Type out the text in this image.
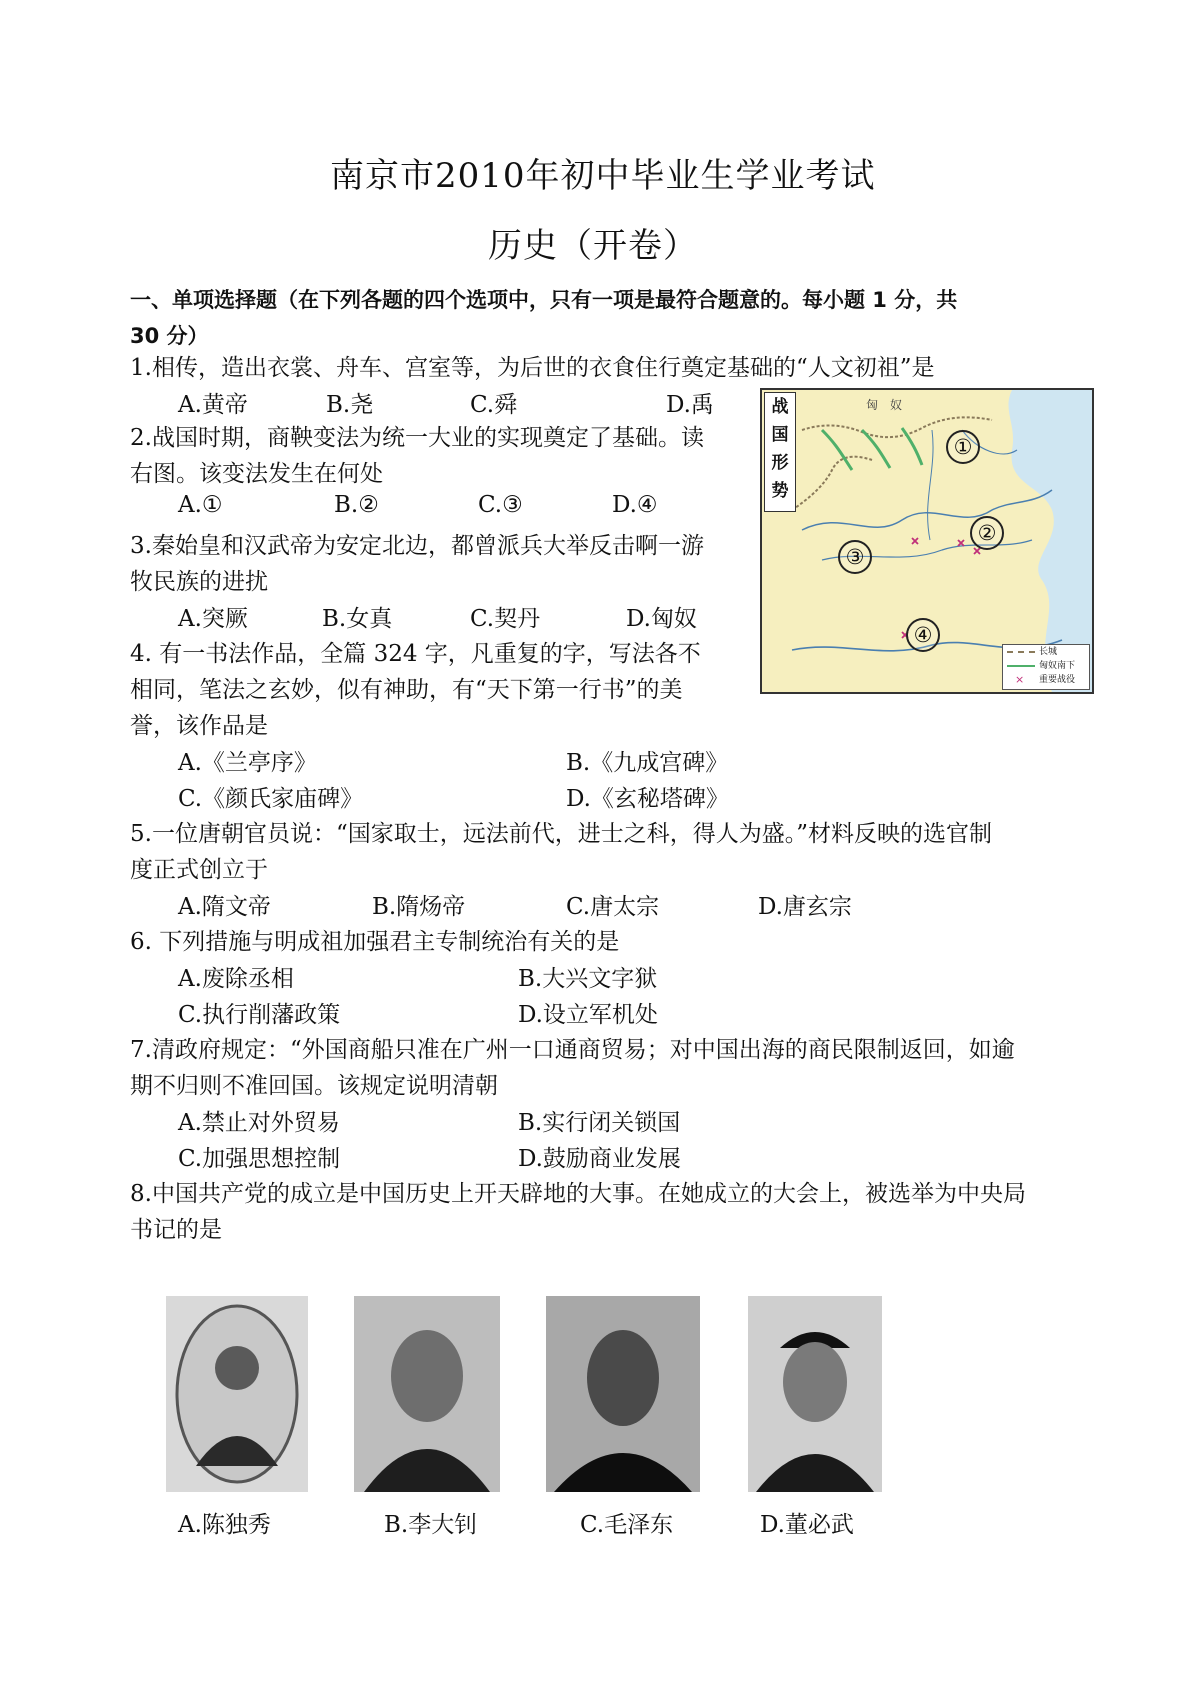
南京市2010年初中毕业生学业考试
历史（开卷）
一、单项选择题（在下列各题的四个选项中，只有一项是最符合题意的。每小题 1 分，共
30 分）
1.相传，造出衣裳、舟车、宫室等，为后世的衣食住行奠定基础的“人文初祖”是
A.黄帝	B.尧	C.舜	D.禹
2.战国时期，商鞅变法为统一大业的实现奠定了基础。读
右图。该变法发生在何处
A.①	B.②	C.③	D.④
3.秦始皇和汉武帝为安定北边，都曾派兵大举反击啊一游
牧民族的进扰
A.突厥	B.女真	C.契丹	D.匈奴
4. 有一书法作品，全篇 324 字，凡重复的字，写法各不
相同，笔法之玄妙，似有神助，有“天下第一行书”的美
誉，该作品是
A.《兰亭序》	B.《九成宫碑》
C.《颜氏家庙碑》	D.《玄秘塔碑》
5.一位唐朝官员说：“国家取士，远法前代，进士之科，得人为盛。”材料反映的选官制
度正式创立于
A.隋文帝	B.隋炀帝	C.唐太宗	D.唐玄宗
6. 下列措施与明成祖加强君主专制统治有关的是
A.废除丞相	B.大兴文字狱
C.执行削藩政策	D.设立军机处
7.清政府规定：“外国商船只准在广州一口通商贸易；对中国出海的商民限制返回，如逾
期不归则不准回国。该规定说明清朝
A.禁止对外贸易	B.实行闭关锁国
C.加强思想控制	D.鼓励商业发展
8.中国共产党的成立是中国历史上开天辟地的大事。在她成立的大会上，被选举为中央局
书记的是
匈　奴
战
国
形
势
①
②
③
④
长城
匈奴南下
× 重要战役
A.陈独秀	B.李大钊	C.毛泽东	D.董必武
